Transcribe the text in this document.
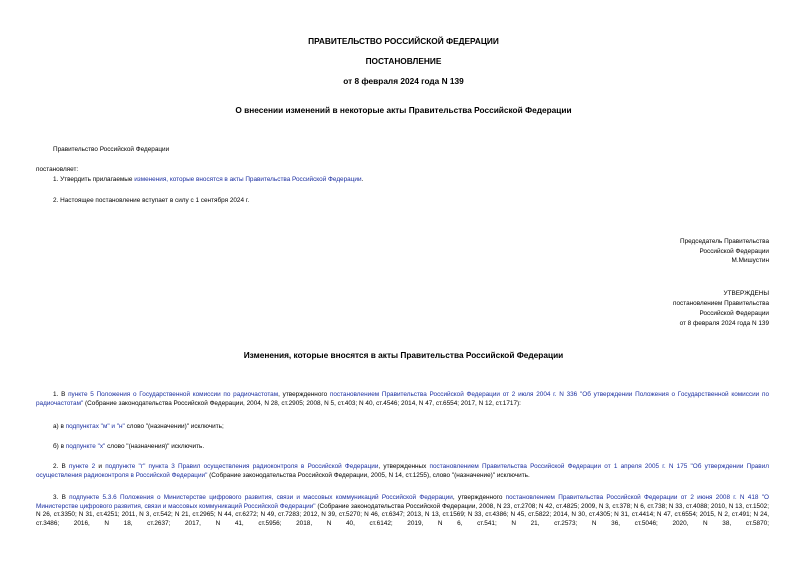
ПРАВИТЕЛЬСТВО РОССИЙСКОЙ ФЕДЕРАЦИИ
ПОСТАНОВЛЕНИЕ
от 8 февраля 2024 года N 139
О внесении изменений в некоторые акты Правительства Российской Федерации
Правительство Российской Федерации
постановляет:
1. Утвердить прилагаемые изменения, которые вносятся в акты Правительства Российской Федерации.
2. Настоящее постановление вступает в силу с 1 сентября 2024 г.
Председатель Правительства
Российской Федерации
М.Мишустин
УТВЕРЖДЕНЫ
постановлением Правительства
Российской Федерации
от 8 февраля 2024 года N 139
Изменения, которые вносятся в акты Правительства Российской Федерации
1. В пункте 5 Положения о Государственной комиссии по радиочастотам, утвержденного постановлением Правительства Российской Федерации от 2 июля 2004 г. N 336 "Об утверждении Положения о Государственной комиссии по радиочастотам" (Собрание законодательства Российской Федерации, 2004, N 28, ст.2905; 2008, N 5, ст.403; N 40, ст.4546; 2014, N 47, ст.6554; 2017, N 12, ст.1717):
а) в подпунктах "м" и "н" слово "(назначении)" исключить;
б) в подпункте "х" слово "(назначения)" исключить.
2. В пункте 2 и подпункте "г" пункта 3 Правил осуществления радиоконтроля в Российской Федерации, утвержденных постановлением Правительства Российской Федерации от 1 апреля 2005 г. N 175 "Об утверждении Правил осуществления радиоконтроля в Российской Федерации" (Собрание законодательства Российской Федерации, 2005, N 14, ст.1255), слово "(назначение)" исключить.
3. В подпункте 5.3.6 Положения о Министерстве цифрового развития, связи и массовых коммуникаций Российской Федерации, утвержденного постановлением Правительства Российской Федерации от 2 июня 2008 г. N 418 "О Министерстве цифрового развития, связи и массовых коммуникаций Российской Федерации" (Собрание законодательства Российской Федерации, 2008, N 23, ст.2708; N 42, ст.4825; 2009, N 3, ст.378; N 6, ст.738; N 33, ст.4088; 2010, N 13, ст.1502; N 26, ст.3350; N 31, ст.4251; 2011, N 3, ст.542; N 21, ст.2965; N 44, ст.6272; N 49, ст.7283; 2012, N 39, ст.5270; N 46, ст.6347; 2013, N 13, ст.1569; N 33, ст.4386; N 45, ст.5822; 2014, N 30, ст.4305; N 31, ст.4414; N 47, ст.6554; 2015, N 2, ст.491; N 24, ст.3486; 2016, N 18, ст.2637; 2017, N 41, ст.5956; 2018, N 40, ст.6142; 2019, N 6, ст.541; N 21, ст.2573; N 36, ст.5046; 2020, N 38, ст.5870;
